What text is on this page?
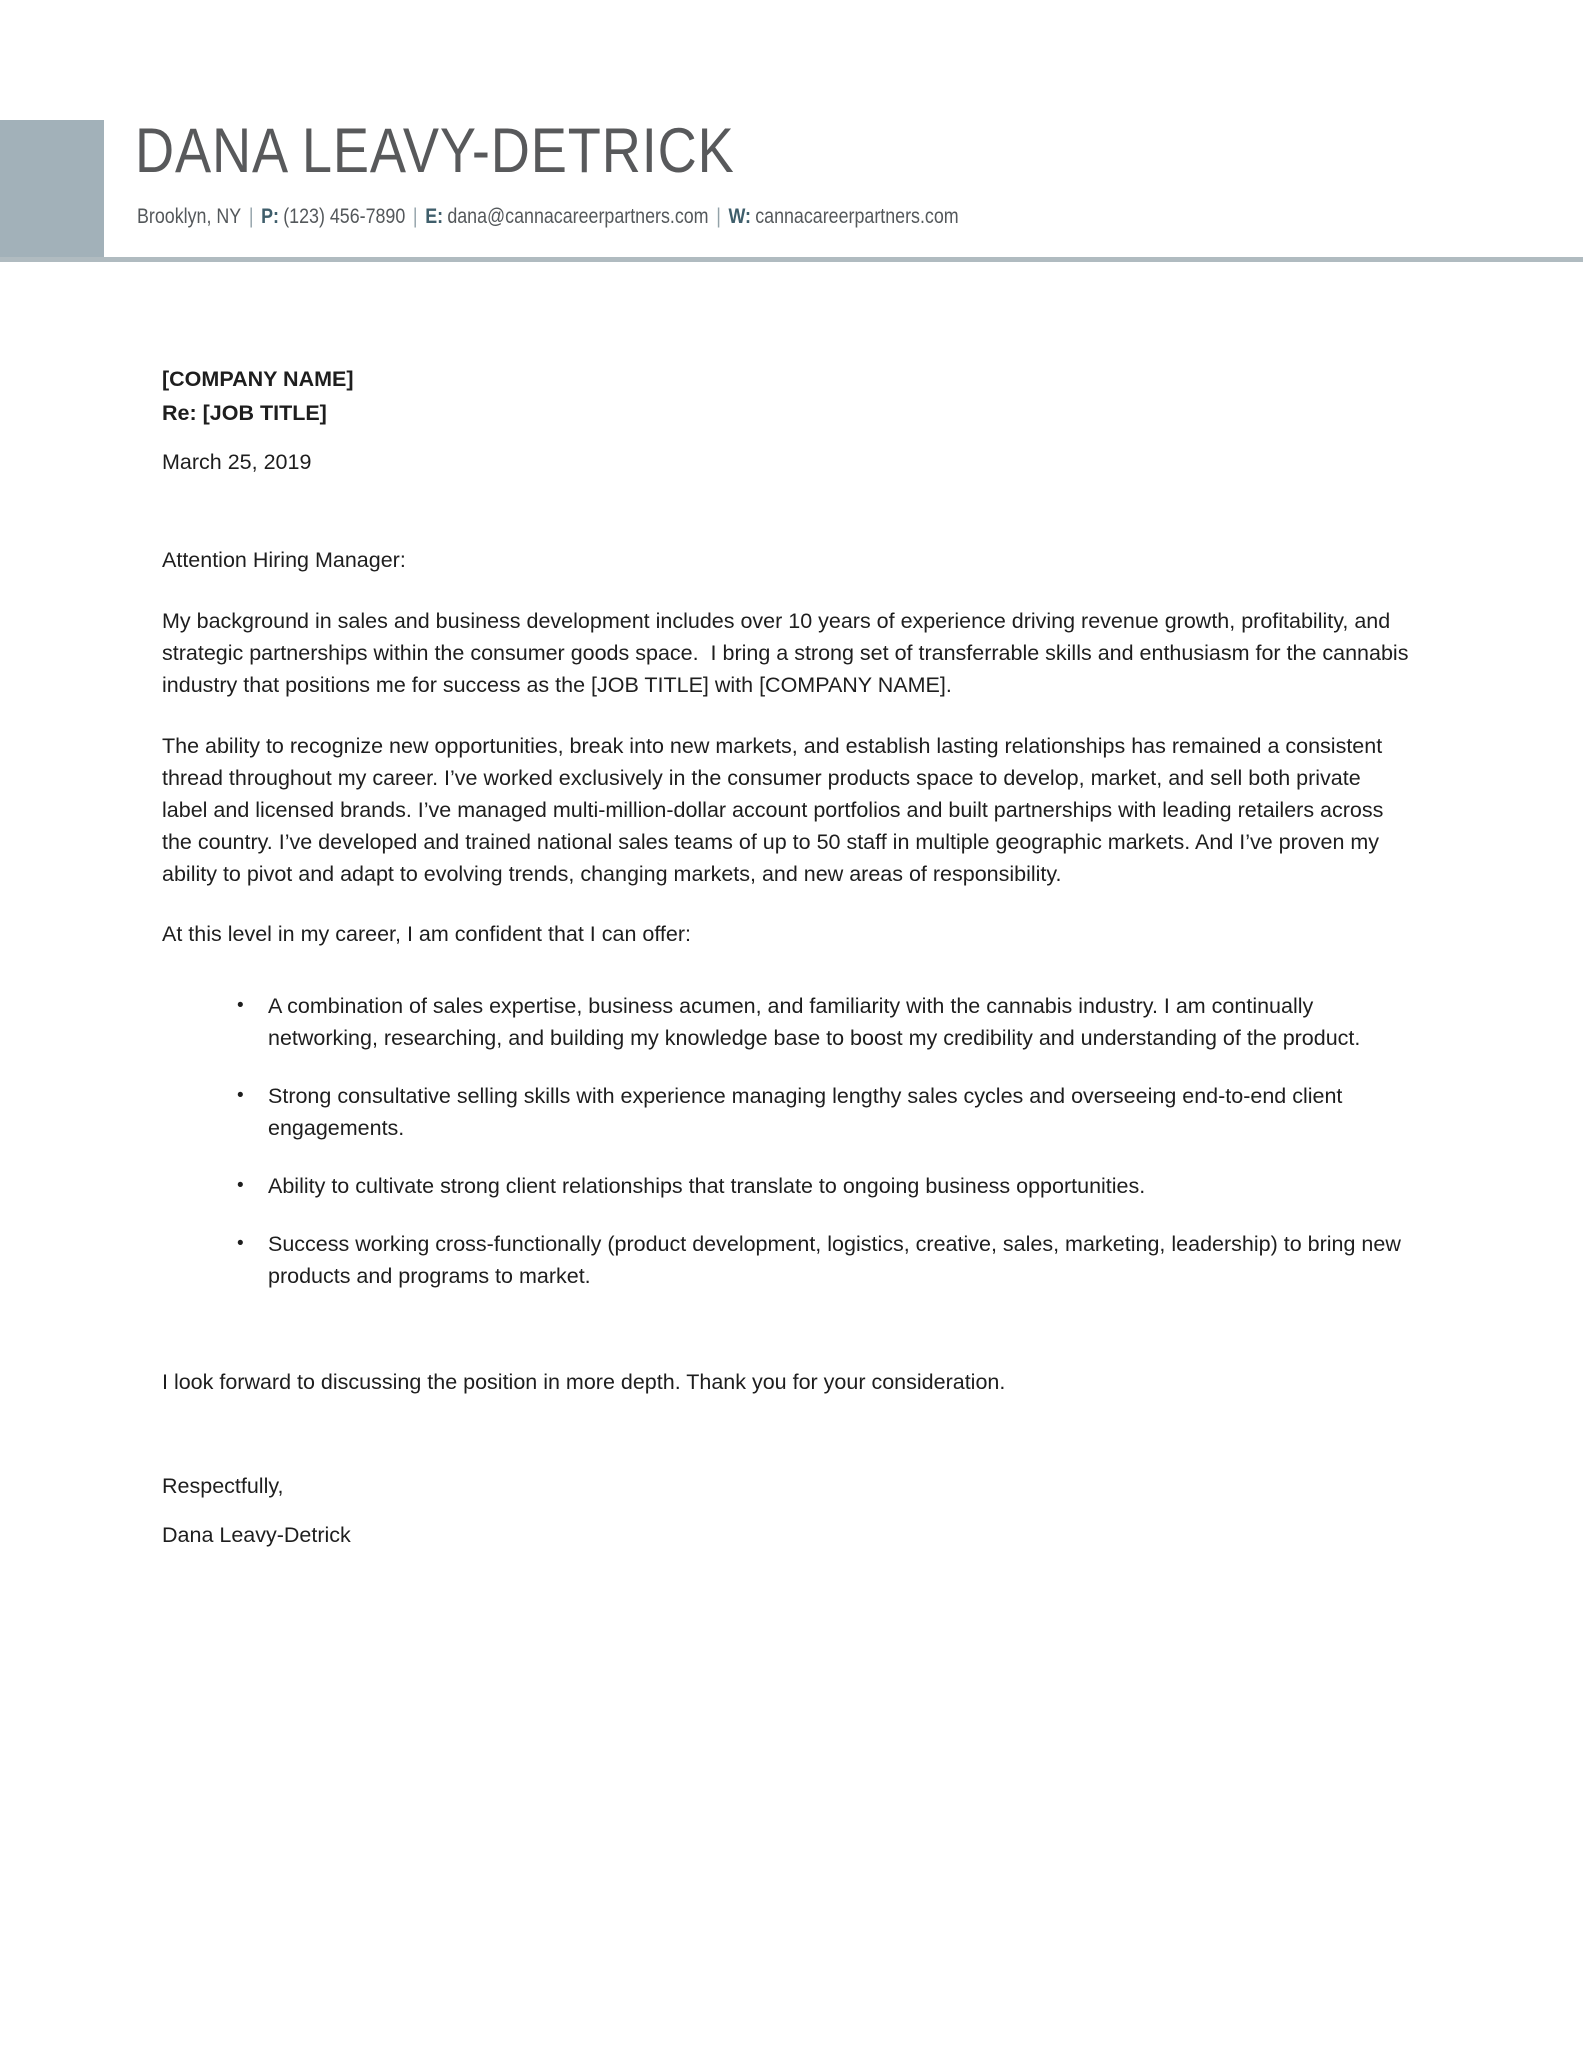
DANA LEAVY-DETRICK
Brooklyn, NY | P: (123) 456-7890 | E: dana@cannacareerpartners.com | W: cannacareerpartners.com
[COMPANY NAME]
Re: [JOB TITLE]
March 25, 2019
Attention Hiring Manager:

My background in sales and business development includes over 10 years of experience driving revenue growth, profitability, and strategic partnerships within the consumer goods space.  I bring a strong set of transferrable skills and enthusiasm for the cannabis industry that positions me for success as the [JOB TITLE] with [COMPANY NAME].

The ability to recognize new opportunities, break into new markets, and establish lasting relationships has remained a consistent thread throughout my career. I’ve worked exclusively in the consumer products space to develop, market, and sell both private label and licensed brands. I’ve managed multi-million-dollar account portfolios and built partnerships with leading retailers across the country. I’ve developed and trained national sales teams of up to 50 staff in multiple geographic markets. And I’ve proven my ability to pivot and adapt to evolving trends, changing markets, and new areas of responsibility.

At this level in my career, I am confident that I can offer:
•	A combination of sales expertise, business acumen, and familiarity with the cannabis industry. I am continually networking, researching, and building my knowledge base to boost my credibility and understanding of the product.
•	Strong consultative selling skills with experience managing lengthy sales cycles and overseeing end-to-end client engagements.
•	Ability to cultivate strong client relationships that translate to ongoing business opportunities.
•	Success working cross-functionally (product development, logistics, creative, sales, marketing, leadership) to bring new products and programs to market.

I look forward to discussing the position in more depth. Thank you for your consideration.

Respectfully,
Dana Leavy-Detrick
